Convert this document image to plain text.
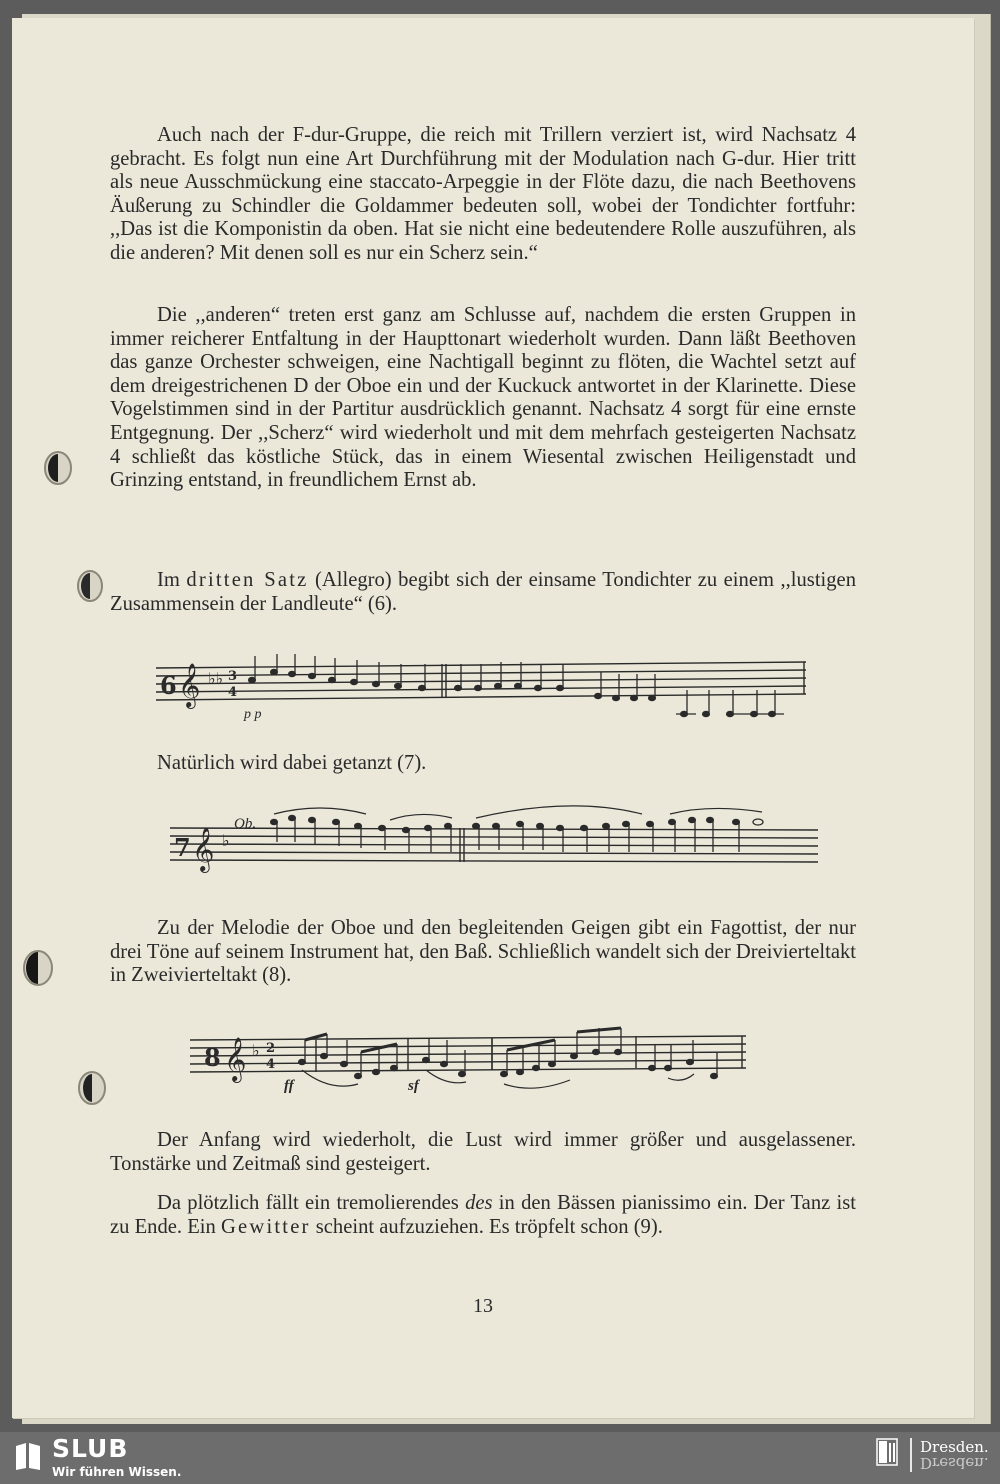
Auch nach der F-dur-Gruppe, die reich mit Trillern verziert ist, wird Nachsatz 4 gebracht. Es folgt nun eine Art Durchführung mit der Modulation nach G-dur. Hier tritt als neue Ausschmückung eine staccato-Arpeggie in der Flöte dazu, die nach Beethovens Äußerung zu Schindler die Goldammer bedeuten soll, wobei der Tondichter fortfuhr: ,,Das ist die Komponistin da oben. Hat sie nicht eine bedeutendere Rolle auszuführen, als die anderen? Mit denen soll es nur ein Scherz sein.“

Die ,,anderen“ treten erst ganz am Schlusse auf, nachdem die ersten Gruppen in immer reicherer Entfaltung in der Haupttonart wiederholt wurden. Dann läßt Beethoven das ganze Orchester schweigen, eine Nachtigall beginnt zu flöten, die Wachtel setzt auf dem dreigestrichenen D der Oboe ein und der Kuckuck antwortet in der Klarinette. Diese Vogelstimmen sind in der Partitur ausdrücklich genannt. Nachsatz 4 sorgt für eine ernste Entgegnung. Der ,,Scherz“ wird wiederholt und mit dem mehrfach gesteigerten Nachsatz 4 schließt das köstliche Stück, das in einem Wiesental zwischen Heiligenstadt und Grinzing entstand, in freundlichem Ernst ab.

Im dritten Satz (Allegro) begibt sich der einsame Tondichter zu einem ,,lustigen Zusammensein der Landleute“ (6).

6 𝄞 ♭♭ 3
4
p p

Natürlich wird dabei getanzt (7).

7 𝄞 ♭
Ob.

Zu der Melodie der Oboe und den begleitenden Geigen gibt ein Fagottist, der nur drei Töne auf seinem Instrument hat, den Baß. Schließlich wandelt sich der Dreivierteltakt in Zweivierteltakt (8).

8 𝄞 ♭ 2
4
ff	sf

Der Anfang wird wiederholt, die Lust wird immer größer und ausgelassener. Tonstärke und Zeitmaß sind gesteigert.

Da plötzlich fällt ein tremolierendes des in den Bässen pianissimo ein. Der Tanz ist zu Ende. Ein Gewitter scheint aufzuziehen. Es tröpfelt schon (9).

13
SLUB
Wir führen Wissen.
Dresden.
Dresden.
